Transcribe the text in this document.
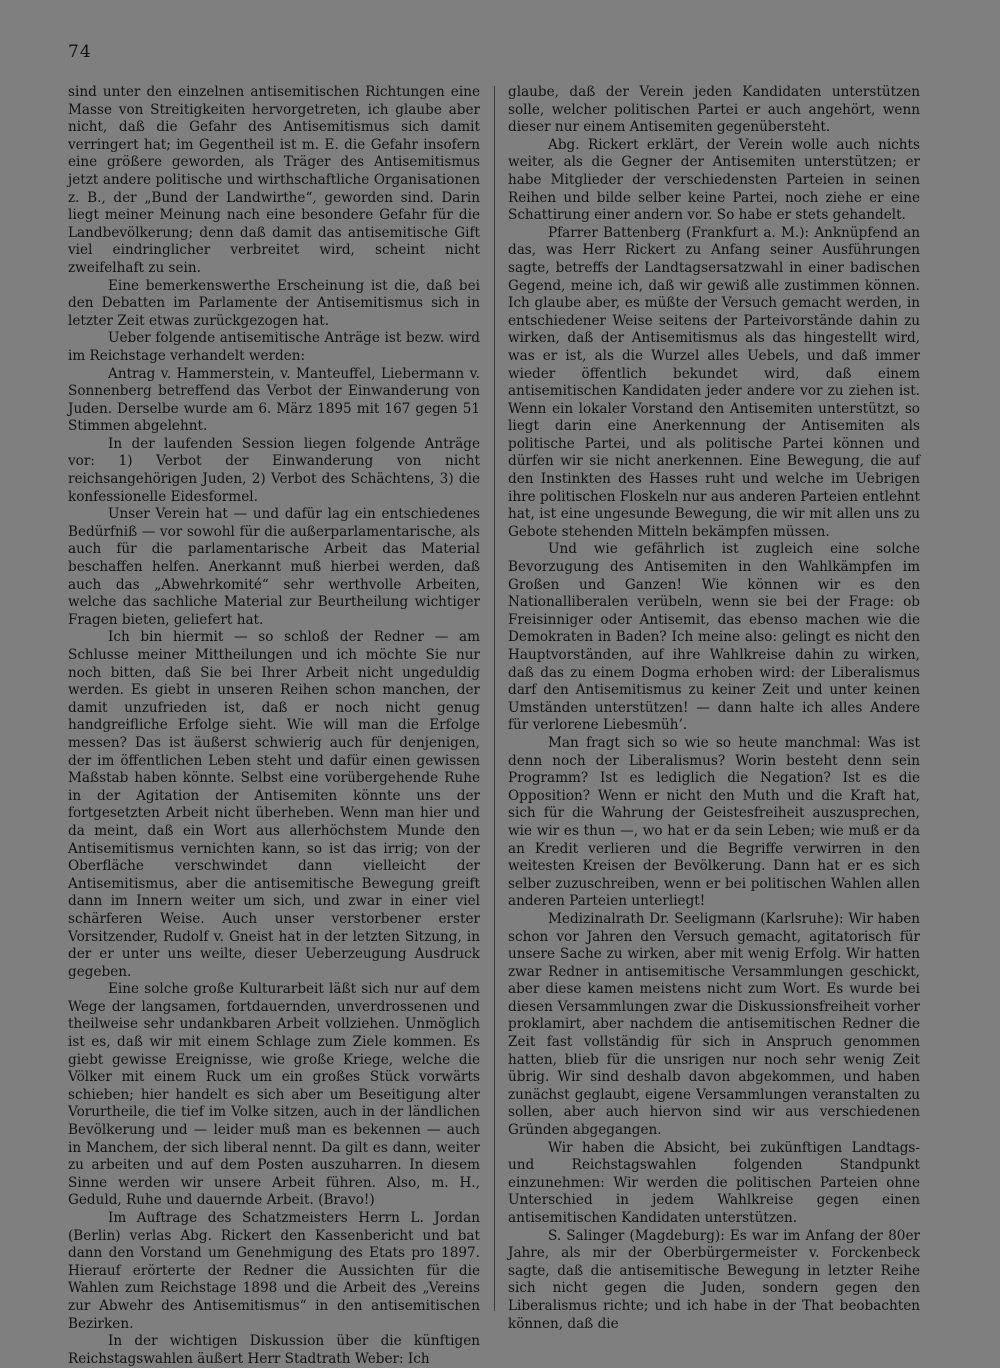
74

sind unter den einzelnen antisemitischen Richtungen eine Masse von Streitigkeiten hervorgetreten, ich glaube aber nicht, daß die Gefahr des Antisemitismus sich damit verringert hat; im Gegentheil ist m. E. die Gefahr insofern eine größere geworden, als Träger des Antisemitismus jetzt andere politische und wirthschaftliche Organisationen z. B., der „Bund der Landwirthe“, geworden sind. Darin liegt meiner Meinung nach eine besondere Gefahr für die Landbevölkerung; denn daß damit das antisemitische Gift viel eindringlicher verbreitet wird, scheint nicht zweifelhaft zu sein.

Eine bemerkenswerthe Erscheinung ist die, daß bei den Debatten im Parlamente der Antisemitismus sich in letzter Zeit etwas zurückgezogen hat.

Ueber folgende antisemitische Anträge ist bezw. wird im Reichstage verhandelt werden:

Antrag v. Hammerstein, v. Manteuffel, Liebermann v. Sonnenberg betreffend das Verbot der Einwanderung von Juden. Derselbe wurde am 6. März 1895 mit 167 gegen 51 Stimmen abgelehnt.

In der laufenden Session liegen folgende Anträge vor: 1) Verbot der Einwanderung von nicht reichsangehörigen Juden, 2) Verbot des Schächtens, 3) die konfessionelle Eidesformel.

Unser Verein hat — und dafür lag ein entschiedenes Bedürfniß — vor sowohl für die außerparlamentarische, als auch für die parlamentarische Arbeit das Material beschaffen helfen. Anerkannt muß hierbei werden, daß auch das „Abwehrkomité“ sehr werthvolle Arbeiten, welche das sachliche Material zur Beurtheilung wichtiger Fragen bieten, geliefert hat.

Ich bin hiermit — so schloß der Redner — am Schlusse meiner Mittheilungen und ich möchte Sie nur noch bitten, daß Sie bei Ihrer Arbeit nicht ungeduldig werden. Es giebt in unseren Reihen schon manchen, der damit unzufrieden ist, daß er noch nicht genug handgreifliche Erfolge sieht. Wie will man die Erfolge messen? Das ist äußerst schwierig auch für denjenigen, der im öffentlichen Leben steht und dafür einen gewissen Maßstab haben könnte. Selbst eine vorübergehende Ruhe in der Agitation der Antisemiten könnte uns der fortgesetzten Arbeit nicht überheben. Wenn man hier und da meint, daß ein Wort aus allerhöchstem Munde den Antisemitismus vernichten kann, so ist das irrig; von der Oberfläche verschwindet dann vielleicht der Antisemitismus, aber die antisemitische Bewegung greift dann im Innern weiter um sich, und zwar in einer viel schärferen Weise. Auch unser verstorbener erster Vorsitzender, Rudolf v. Gneist hat in der letzten Sitzung, in der er unter uns weilte, dieser Ueberzeugung Ausdruck gegeben.

Eine solche große Kulturarbeit läßt sich nur auf dem Wege der langsamen, fortdauernden, unverdrossenen und theilweise sehr undankbaren Arbeit vollziehen. Unmöglich ist es, daß wir mit einem Schlage zum Ziele kommen. Es giebt gewisse Ereignisse, wie große Kriege, welche die Völker mit einem Ruck um ein großes Stück vorwärts schieben; hier handelt es sich aber um Beseitigung alter Vorurtheile, die tief im Volke sitzen, auch in der ländlichen Bevölkerung und — leider muß man es bekennen — auch in Manchem, der sich liberal nennt. Da gilt es dann, weiter zu arbeiten und auf dem Posten auszuharren. In diesem Sinne werden wir unsere Arbeit führen. Also, m. H., Geduld, Ruhe und dauernde Arbeit. (Bravo!)

Im Auftrage des Schatzmeisters Herrn L. Jordan (Berlin) verlas Abg. Rickert den Kassenbericht und bat dann den Vorstand um Genehmigung des Etats pro 1897. Hierauf erörterte der Redner die Aussichten für die Wahlen zum Reichstage 1898 und die Arbeit des „Vereins zur Abwehr des Antisemitismus“ in den antisemitischen Bezirken.

In der wichtigen Diskussion über die künftigen Reichstagswahlen äußert Herr Stadtrath Weber: Ich

glaube, daß der Verein jeden Kandidaten unterstützen solle, welcher politischen Partei er auch angehört, wenn dieser nur einem Antisemiten gegenübersteht.

Abg. Rickert erklärt, der Verein wolle auch nichts weiter, als die Gegner der Antisemiten unterstützen; er habe Mitglieder der verschiedensten Parteien in seinen Reihen und bilde selber keine Partei, noch ziehe er eine Schattirung einer andern vor. So habe er stets gehandelt.

Pfarrer Battenberg (Frankfurt a. M.): Anknüpfend an das, was Herr Rickert zu Anfang seiner Ausführungen sagte, betreffs der Landtagsersatzwahl in einer badischen Gegend, meine ich, daß wir gewiß alle zustimmen können. Ich glaube aber, es müßte der Versuch gemacht werden, in entschiedener Weise seitens der Parteivorstände dahin zu wirken, daß der Antisemitismus als das hingestellt wird, was er ist, als die Wurzel alles Uebels, und daß immer wieder öffentlich bekundet wird, daß einem antisemitischen Kandidaten jeder andere vor zu ziehen ist. Wenn ein lokaler Vorstand den Antisemiten unterstützt, so liegt darin eine Anerkennung der Antisemiten als politische Partei, und als politische Partei können und dürfen wir sie nicht anerkennen. Eine Bewegung, die auf den Instinkten des Hasses ruht und welche im Uebrigen ihre politischen Floskeln nur aus anderen Parteien entlehnt hat, ist eine ungesunde Bewegung, die wir mit allen uns zu Gebote stehenden Mitteln bekämpfen müssen.

Und wie gefährlich ist zugleich eine solche Bevorzugung des Antisemiten in den Wahlkämpfen im Großen und Ganzen! Wie können wir es den Nationalliberalen verübeln, wenn sie bei der Frage: ob Freisinniger oder Antisemit, das ebenso machen wie die Demokraten in Baden? Ich meine also: gelingt es nicht den Hauptvorständen, auf ihre Wahlkreise dahin zu wirken, daß das zu einem Dogma erhoben wird: der Liberalismus darf den Antisemitismus zu keiner Zeit und unter keinen Umständen unterstützen! — dann halte ich alles Andere für verlorene Liebesmüh’.

Man fragt sich so wie so heute manchmal: Was ist denn noch der Liberalismus? Worin besteht denn sein Programm? Ist es lediglich die Negation? Ist es die Opposition? Wenn er nicht den Muth und die Kraft hat, sich für die Wahrung der Geistesfreiheit auszusprechen, wie wir es thun —, wo hat er da sein Leben; wie muß er da an Kredit verlieren und die Begriffe verwirren in den weitesten Kreisen der Bevölkerung. Dann hat er es sich selber zuzuschreiben, wenn er bei politischen Wahlen allen anderen Parteien unterliegt!

Medizinalrath Dr. Seeligmann (Karlsruhe): Wir haben schon vor Jahren den Versuch gemacht, agitatorisch für unsere Sache zu wirken, aber mit wenig Erfolg. Wir hatten zwar Redner in antisemitische Versammlungen geschickt, aber diese kamen meistens nicht zum Wort. Es wurde bei diesen Versammlungen zwar die Diskussionsfreiheit vorher proklamirt, aber nachdem die antisemitischen Redner die Zeit fast vollständig für sich in Anspruch genommen hatten, blieb für die unsrigen nur noch sehr wenig Zeit übrig. Wir sind deshalb davon abgekommen, und haben zunächst geglaubt, eigene Versammlungen veranstalten zu sollen, aber auch hiervon sind wir aus verschiedenen Gründen abgegangen.

Wir haben die Absicht, bei zukünftigen Landtags- und Reichstagswahlen folgenden Standpunkt einzunehmen: Wir werden die politischen Parteien ohne Unterschied in jedem Wahlkreise gegen einen antisemitischen Kandidaten unterstützen.

S. Salinger (Magdeburg): Es war im Anfang der 80er Jahre, als mir der Oberbürgermeister v. Forckenbeck sagte, daß die antisemitische Bewegung in letzter Reihe sich nicht gegen die Juden, sondern gegen den Liberalismus richte; und ich habe in der That beobachten können, daß die
